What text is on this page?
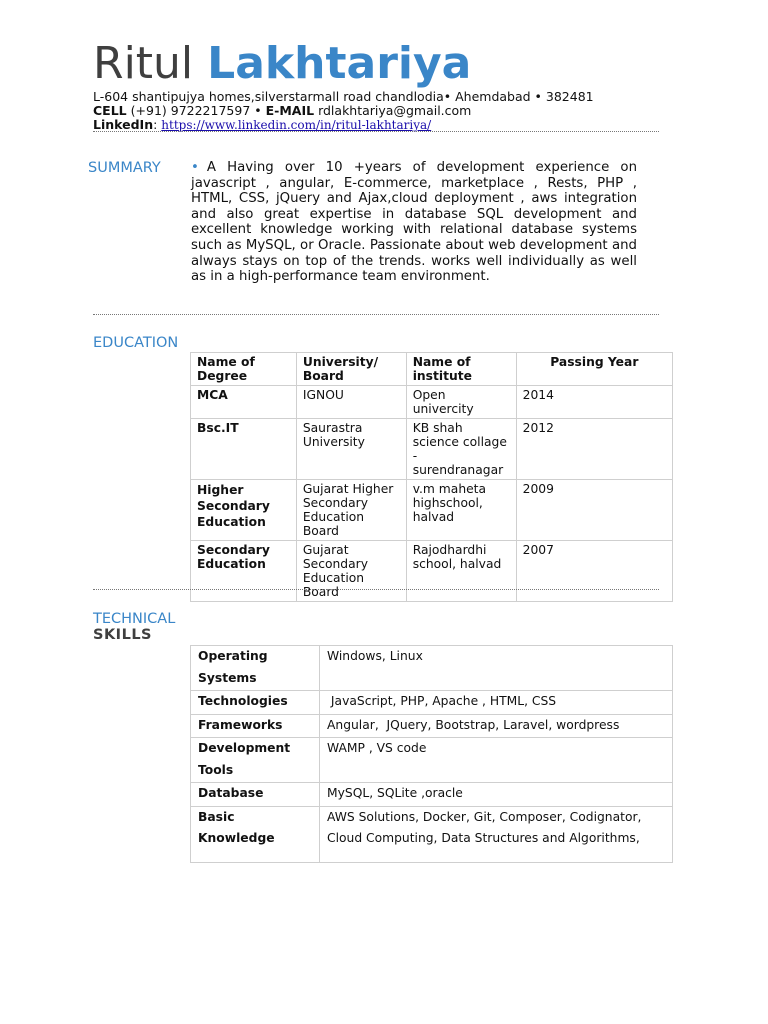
Ritul Lakhtariya
L-604 shantipujya homes,silverstarmall road chandlodia• Ahemdabad • 382481
CELL (+91) 9722217597 • E-MAIL rdlakhtariya@gmail.com
LinkedIn: https://www.linkedin.com/in/ritul-lakhtariya/
SUMMARY • A Having over 10 +years of development experience on javascript , angular, E-commerce, marketplace , Rests, PHP , HTML, CSS, jQuery and Ajax,cloud deployment , aws integration and also great expertise in database SQL development and excellent knowledge working with relational database systems such as MySQL, or Oracle. Passionate about web development and always stays on top of the trends. works well individually as well as in a high-performance team environment.
EDUCATION
Name of Degree	University/ Board	Name of institute	Passing Year
MCA	IGNOU	Open univercity	2014
Bsc.IT	Saurastra University	KB shah science collage - surendranagar	2012
Higher Secondary Education	Gujarat Higher Secondary Education Board	v.m maheta highschool, halvad	2009
Secondary Education	Gujarat Secondary Education Board	Rajodhardhi school, halvad	2007
TECHNICAL
SKILLS
Operating Systems	Windows, Linux
Technologies	JavaScript, PHP, Apache , HTML, CSS
Frameworks	Angular,  JQuery, Bootstrap, Laravel, wordpress
Development Tools	WAMP , VS code
Database	MySQL, SQLite ,oracle
Basic Knowledge	AWS Solutions, Docker, Git, Composer, Codignator, Cloud Computing, Data Structures and Algorithms,
